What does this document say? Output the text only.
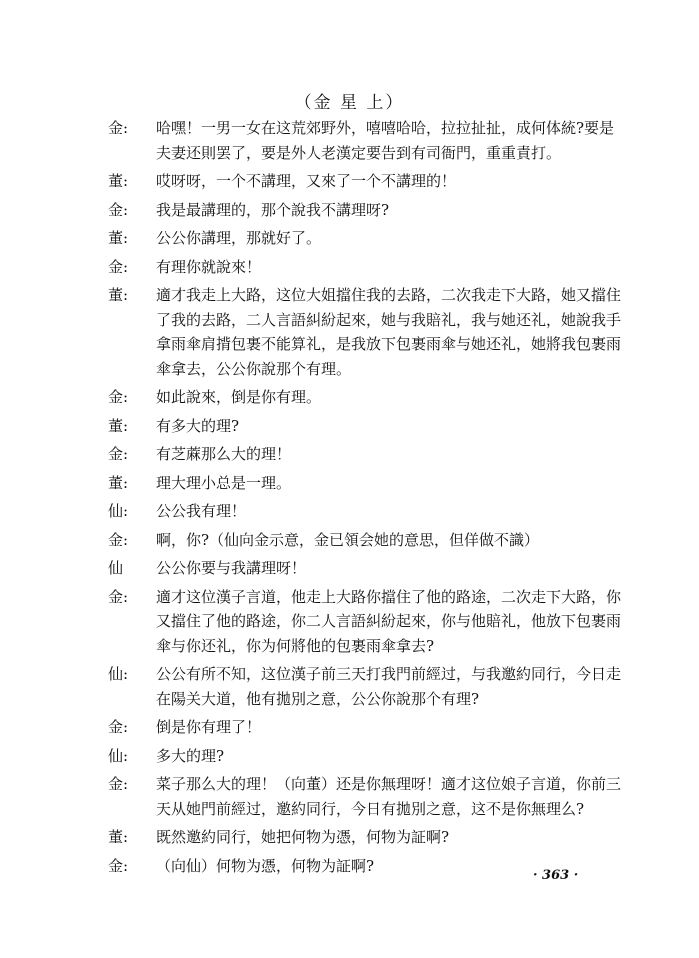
（金 星 上）
金:	哈嘿！一男一女在这荒郊野外，嘻嘻哈哈，拉拉扯扯，成何体統?要是夫妻还則罢了，要是外人老漢定要告到有司衙門，重重責打。
董:	哎呀呀，一个不講理，又來了一个不講理的！
金:	我是最講理的，那个說我不講理呀?
董:	公公你講理，那就好了。
金:	有理你就說來！
董:	適才我走上大路，这位大姐擋住我的去路，二次我走下大路，她又擋住了我的去路，二人言語糾紛起來，她与我賠礼，我与她还礼，她說我手拿雨傘肩揹包裹不能算礼，是我放下包裹雨傘与她还礼，她將我包裹雨傘拿去，公公你說那个有理。
金:	如此說來，倒是你有理。
董:	有多大的理?
金:	有芝蔴那么大的理！
董:	理大理小总是一理。
仙:	公公我有理！
金:	啊，你?（仙向金示意，金已領会她的意思，但佯做不識）
仙	公公你要与我講理呀！
金:	適才这位漢子言道，他走上大路你擋住了他的路途，二次走下大路，你又擋住了他的路途，你二人言語糾紛起來，你与他賠礼，他放下包裹雨傘与你还礼，你为何將他的包裹雨傘拿去?
仙:	公公有所不知，这位漢子前三天打我門前經过，与我邀約同行，今日走在陽关大道，他有拋別之意，公公你說那个有理?
金:	倒是你有理了！
仙:	多大的理?
金:	菜子那么大的理！（向董）还是你無理呀！適才这位娘子言道，你前三天从她門前經过，邀約同行，今日有拋別之意，这不是你無理么?
董:	既然邀約同行，她把何物为憑，何物为証啊?
金:	（向仙）何物为憑，何物为証啊?
· 363 ·
